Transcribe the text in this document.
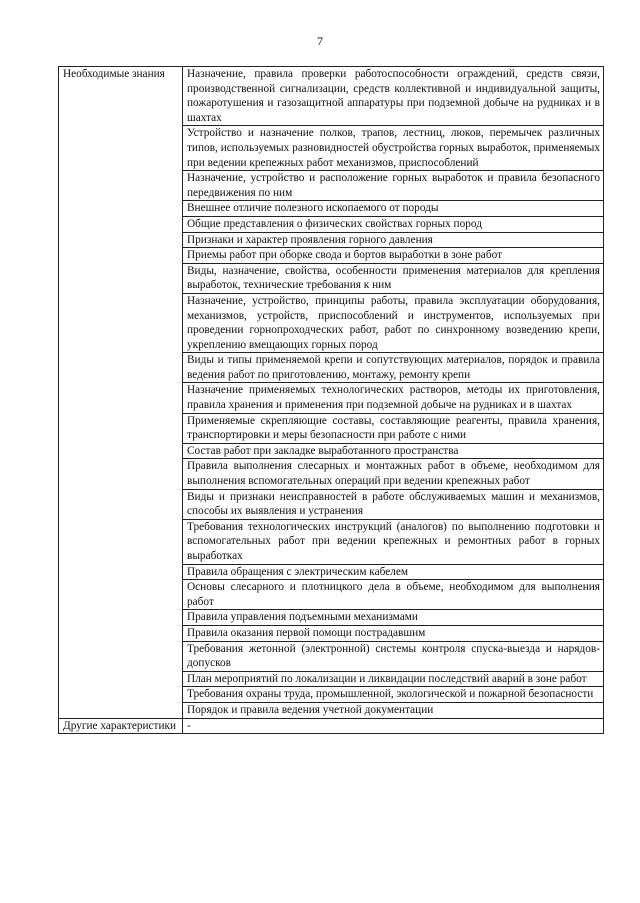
7
Необходимые знания	Назначение, правила проверки работоспособности ограждений, средств связи, производственной сигнализации, средств коллективной и индивидуальной защиты, пожаротушения и газозащитной аппаратуры при подземной добыче на рудниках и в шахтах
	Устройство и назначение полков, трапов, лестниц, люков, перемычек различных типов, используемых разновидностей обустройства горных выработок, применяемых при ведении крепежных работ механизмов, приспособлений
	Назначение, устройство и расположение горных выработок и правила безопасного передвижения по ним
	Внешнее отличие полезного ископаемого от породы
	Общие представления о физических свойствах горных пород
	Признаки и характер проявления горного давления
	Приемы работ при оборке свода и бортов выработки в зоне работ
	Виды, назначение, свойства, особенности применения материалов для крепления выработок, технические требования к ним
	Назначение, устройство, принципы работы, правила эксплуатации оборудования, механизмов, устройств, приспособлений и инструментов, используемых при проведении горнопроходческих работ, работ по синхронному возведению крепи, укреплению вмещающих горных пород
	Виды и типы применяемой крепи и сопутствующих материалов, порядок и правила ведения работ по приготовлению, монтажу, ремонту крепи
	Назначение применяемых технологических растворов, методы их приготовления, правила хранения и применения при подземной добыче на рудниках и в шахтах
	Применяемые скрепляющие составы, составляющие реагенты, правила хранения, транспортировки и меры безопасности при работе с ними
	Состав работ при закладке выработанного пространства
	Правила выполнения слесарных и монтажных работ в объеме, необходимом для выполнения вспомогательных операций при ведении крепежных работ
	Виды и признаки неисправностей в работе обслуживаемых машин и механизмов, способы их выявления и устранения
	Требования технологических инструкций (аналогов) по выполнению подготовки и вспомогательных работ при ведении крепежных и ремонтных работ в горных выработках
	Правила обращения с электрическим кабелем
	Основы слесарного и плотницкого дела в объеме, необходимом для выполнения работ
	Правила управления подъемными механизмами
	Правила оказания первой помощи пострадавшим
	Требования жетонной (электронной) системы контроля спуска-выезда и нарядов-допусков
	План мероприятий по локализации и ликвидации последствий аварий в зоне работ
	Требования охраны труда, промышленной, экологической и пожарной безопасности
	Порядок и правила ведения учетной документации
Другие характеристики	-
